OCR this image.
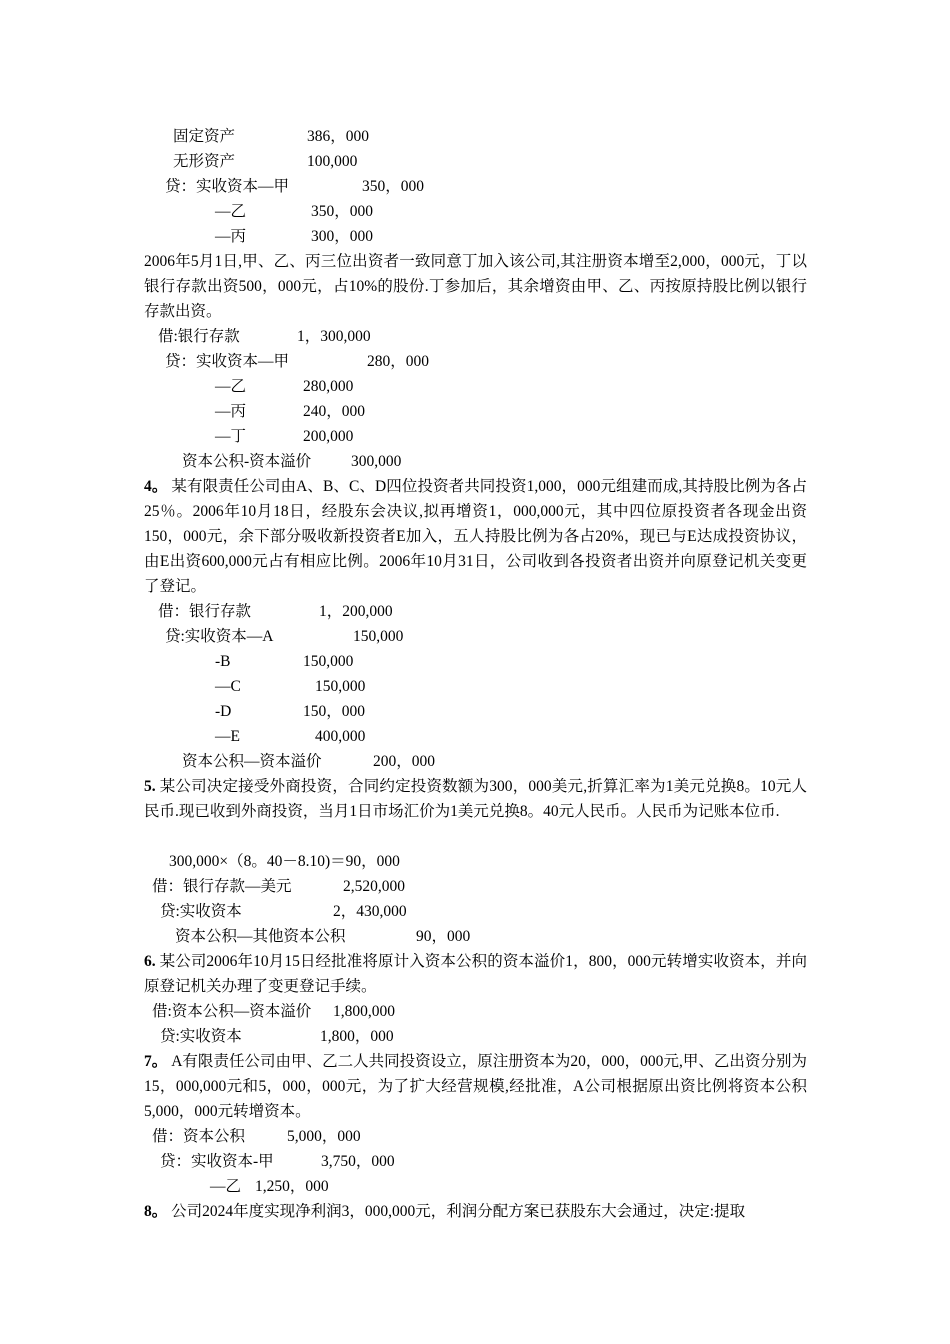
固定资产	386，000
无形资产	100,000
贷：实收资本—甲	350，000
—乙	350，000
—丙	300，000
2006年5月1日,甲、乙、丙三位出资者一致同意丁加入该公司,其注册资本增至2,000，000元，丁以银行存款出资500，000元，占10%的股份.丁参加后，其余增资由甲、乙、丙按原持股比例以银行存款出资。
借:银行存款	1，300,000
贷：实收资本—甲	280，000
—乙	280,000
—丙	240，000
—丁	200,000
资本公积-资本溢价	300,000
4。 某有限责任公司由A、B、C、D四位投资者共同投资1,000，000元组建而成,其持股比例为各占25％。2006年10月18日，经股东会决议,拟再增资1，000,000元，其中四位原投资者各现金出资150，000元，余下部分吸收新投资者E加入，五人持股比例为各占20%，现已与E达成投资协议，由E出资600,000元占有相应比例。2006年10月31日，公司收到各投资者出资并向原登记机关变更了登记。
借：银行存款	1，200,000
贷:实收资本—A	150,000
-B	150,000
—C	150,000
-D	150，000
—E	400,000
资本公积—资本溢价	200，000
5. 某公司决定接受外商投资，合同约定投资数额为300，000美元,折算汇率为1美元兑换8。10元人民币.现已收到外商投资，当月1日市场汇价为1美元兑换8。40元人民币。人民币为记账本位币.
300,000×（8。40－8.10)＝90，000
借：银行存款—美元	2,520,000
贷:实收资本	2，430,000
资本公积—其他资本公积	90，000
6. 某公司2006年10月15日经批准将原计入资本公积的资本溢价1，800，000元转增实收资本，并向原登记机关办理了变更登记手续。
借:资本公积—资本溢价 1,800,000
贷:实收资本	1,800，000
7。 A有限责任公司由甲、乙二人共同投资设立，原注册资本为20，000，000元,甲、乙出资分别为15，000,000元和5，000，000元，为了扩大经营规模,经批准，A公司根据原出资比例将资本公积5,000，000元转增资本。
借：资本公积	5,000，000
贷：实收资本-甲	3,750，000
—乙 1,250，000
8。 公司2024年度实现净利润3，000,000元，利润分配方案已获股东大会通过，决定:提取
